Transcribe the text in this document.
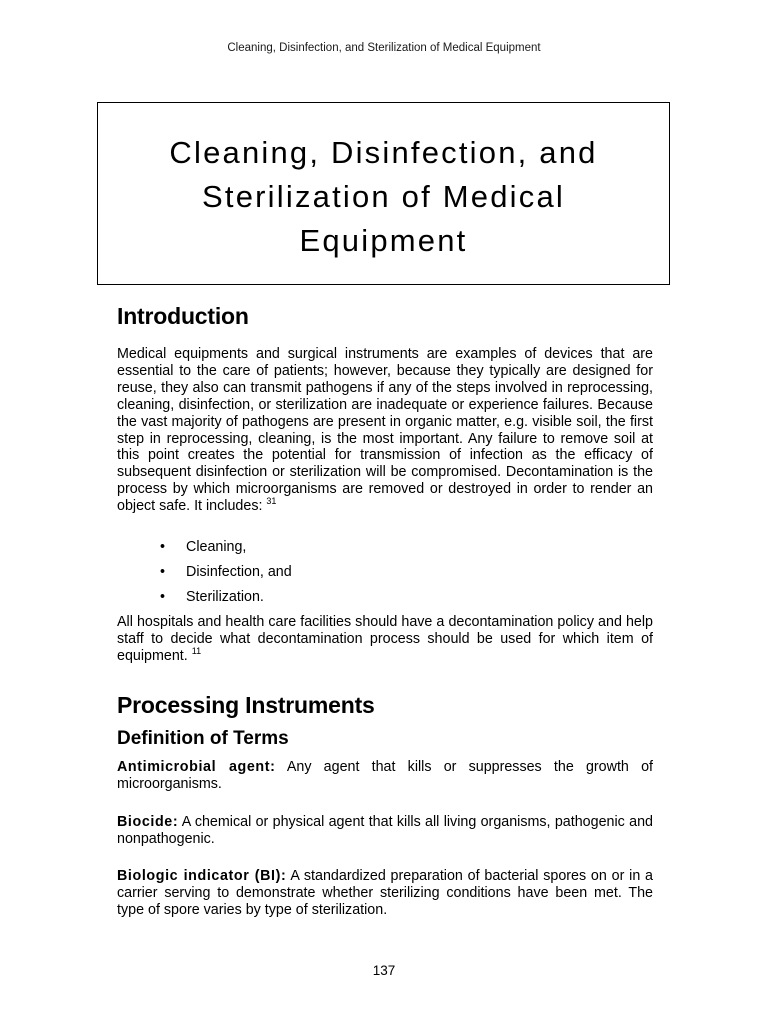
Cleaning, Disinfection, and Sterilization of Medical Equipment
Cleaning, Disinfection, and
Sterilization of Medical
Equipment
Introduction
Medical equipments and surgical instruments are examples of devices that are essential to the care of patients; however, because they typically are designed for reuse, they also can transmit pathogens if any of the steps involved in reprocessing, cleaning, disinfection, or sterilization are inadequate or experience failures. Because the vast majority of pathogens are present in organic matter, e.g. visible soil, the first step in reprocessing, cleaning, is the most important. Any failure to remove soil at this point creates the potential for transmission of infection as the efficacy of subsequent disinfection or sterilization will be compromised. Decontamination is the process by which microorganisms are removed or destroyed in order to render an object safe. It includes: $^{31}$
• Cleaning,
• Disinfection, and
• Sterilization.
All hospitals and health care facilities should have a decontamination policy and help staff to decide what decontamination process should be used for which item of equipment. $^{11}$
Processing Instruments
Definition of Terms
Antimicrobial agent: Any agent that kills or suppresses the growth of microorganisms.
Biocide: A chemical or physical agent that kills all living organisms, pathogenic and nonpathogenic.
Biologic indicator (BI): A standardized preparation of bacterial spores on or in a carrier serving to demonstrate whether sterilizing conditions have been met. The type of spore varies by type of sterilization.
137
